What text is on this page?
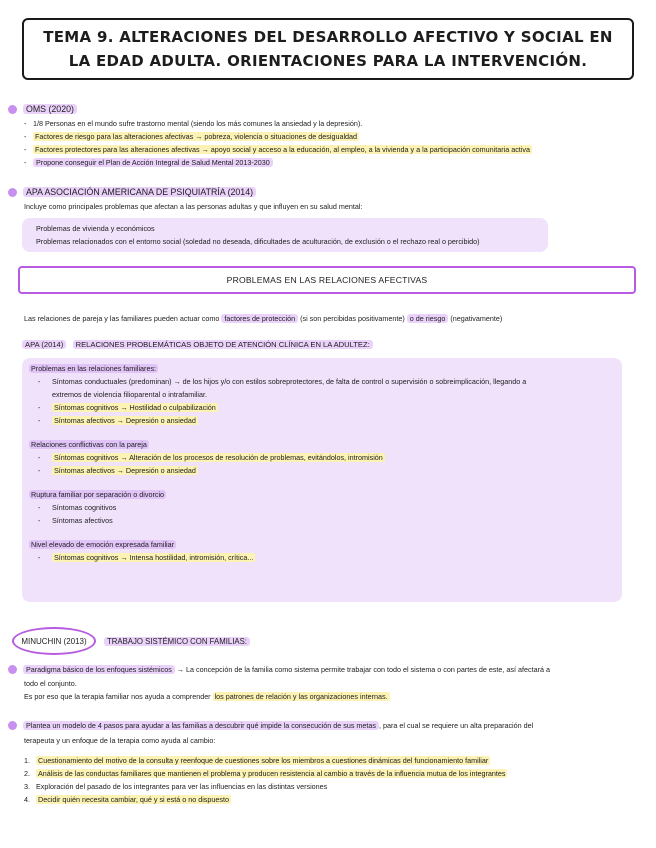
TEMA 9. ALTERACIONES DEL DESARROLLO AFECTIVO Y SOCIAL EN
LA EDAD ADULTA. ORIENTACIONES PARA LA INTERVENCIÓN.
OMS (2020)
- 1/8 Personas en el mundo sufre trastorno mental (siendo los más comunes la ansiedad y la depresión).
- Factores de riesgo para las alteraciones afectivas → pobreza, violencia o situaciones de desigualdad
- Factores protectores para las alteraciones afectivas → apoyo social y acceso a la educación, al empleo, a la vivienda y a la participación comunitaria activa
- Propone conseguir el Plan de Acción Integral de Salud Mental 2013-2030
APA ASOCIACIÓN AMERICANA DE PSIQUIATRÍA (2014)
Incluye como principales problemas que afectan a las personas adultas y que influyen en su salud mental:
- Problemas de vivienda y económicos
- Problemas relacionados con el entorno social (soledad no deseada, dificultades de aculturación, de exclusión o el rechazo real o percibido)
PROBLEMAS EN LAS RELACIONES AFECTIVAS
Las relaciones de pareja y las familiares pueden actuar como factores de protección (si son percibidas positivamente) o de riesgo (negativamente)
APA (2014) RELACIONES PROBLEMÁTICAS OBJETO DE ATENCIÓN CLÍNICA EN LA ADULTEZ:
Problemas en las relaciones familiares:
- Síntomas conductuales (predominan) → de los hijos y/o con estilos sobreprotectores, de falta de control o supervisión o sobreimplicación, llegando a
extremos de violencia filioparental o intrafamiliar.
- Síntomas cognitivos → Hostilidad o culpabilización
- Síntomas afectivos → Depresión o ansiedad
Relaciones conflictivas con la pareja
- Síntomas cognitivos → Alteración de los procesos de resolución de problemas, evitándolos, intromisión
- Síntomas afectivos → Depresión o ansiedad
Ruptura familiar por separación o divorcio
- Síntomas cognitivos
- Síntomas afectivos
Nivel elevado de emoción expresada familiar
- Síntomas cognitivos → Intensa hostilidad, intromisión, crítica...
MINUCHIN (2013)	TRABAJO SISTÉMICO CON FAMILIAS:
Paradigma básico de los enfoques sistémicos → La concepción de la familia como sistema permite trabajar con todo el sistema o con partes de este, así afectará a
todo el conjunto.
Es por eso que la terapia familiar nos ayuda a comprender los patrones de relación y las organizaciones internas.
Plantea un modelo de 4 pasos para ayudar a las familias a descubrir qué impide la consecución de sus metas , para el cual se requiere un alta preparación del
terapeuta y un enfoque de la terapia como ayuda al cambio:
1. Cuestionamiento del motivo de la consulta y reenfoque de cuestiones sobre los miembros a cuestiones dinámicas del funcionamiento familiar
2. Análisis de las conductas familiares que mantienen el problema y producen resistencia al cambio a través de la influencia mutua de los integrantes
3. Exploración del pasado de los integrantes para ver las influencias en las distintas versiones
4. Decidir quién necesita cambiar, qué y si está o no dispuesto
